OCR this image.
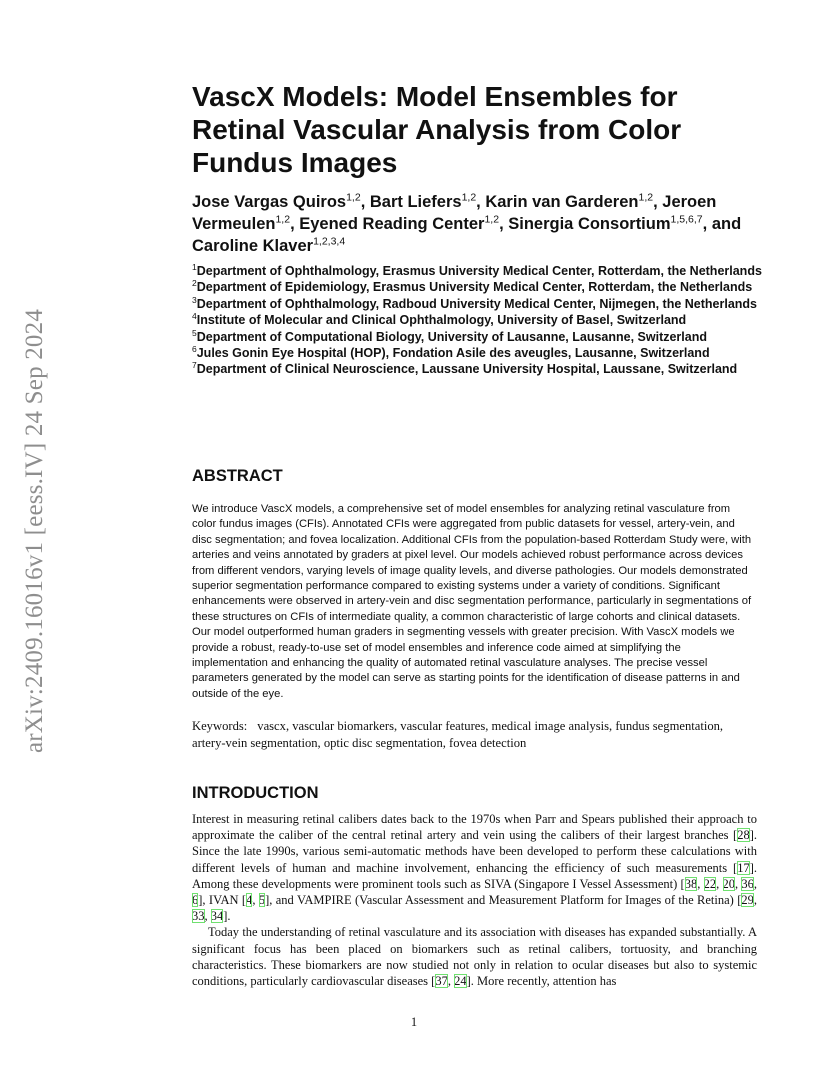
arXiv:2409.16016v1 [eess.IV] 24 Sep 2024
VascX Models: Model Ensembles for Retinal Vascular Analysis from Color Fundus Images
Jose Vargas Quiros$^{1,2}$, Bart Liefers$^{1,2}$, Karin van Garderen$^{1,2}$, Jeroen Vermeulen$^{1,2}$, Eyened Reading Center$^{1,2}$, Sinergia Consortium$^{1,5,6,7}$, and Caroline Klaver$^{1,2,3,4}$
$^1$Department of Ophthalmology, Erasmus University Medical Center, Rotterdam, the Netherlands
$^2$Department of Epidemiology, Erasmus University Medical Center, Rotterdam, the Netherlands
$^3$Department of Ophthalmology, Radboud University Medical Center, Nijmegen, the Netherlands
$^4$Institute of Molecular and Clinical Ophthalmology, University of Basel, Switzerland
$^5$Department of Computational Biology, University of Lausanne, Lausanne, Switzerland
$^6$Jules Gonin Eye Hospital (HOP), Fondation Asile des aveugles, Lausanne, Switzerland
$^7$Department of Clinical Neuroscience, Laussane University Hospital, Laussane, Switzerland
ABSTRACT
We introduce VascX models, a comprehensive set of model ensembles for analyzing retinal vasculature from color fundus images (CFIs). Annotated CFIs were aggregated from public datasets for vessel, artery-vein, and disc segmentation; and fovea localization. Additional CFIs from the population-based Rotterdam Study were, with arteries and veins annotated by graders at pixel level. Our models achieved robust performance across devices from different vendors, varying levels of image quality levels, and diverse pathologies. Our models demonstrated superior segmentation performance compared to existing systems under a variety of conditions. Significant enhancements were observed in artery-vein and disc segmentation performance, particularly in segmentations of these structures on CFIs of intermediate quality, a common characteristic of large cohorts and clinical datasets. Our model outperformed human graders in segmenting vessels with greater precision. With VascX models we provide a robust, ready-to-use set of model ensembles and inference code aimed at simplifying the implementation and enhancing the quality of automated retinal vasculature analyses. The precise vessel parameters generated by the model can serve as starting points for the identification of disease patterns in and outside of the eye.
Keywords: vascx, vascular biomarkers, vascular features, medical image analysis, fundus segmentation, artery-vein segmentation, optic disc segmentation, fovea detection
INTRODUCTION

Interest in measuring retinal calibers dates back to the 1970s when Parr and Spears published their approach to approximate the caliber of the central retinal artery and vein using the calibers of their largest branches [28]. Since the late 1990s, various semi-automatic methods have been developed to perform these calculations with different levels of human and machine involvement, enhancing the efficiency of such measurements [17]. Among these developments were prominent tools such as SIVA (Singapore I Vessel Assessment) [38, 22, 20, 36, 6], IVAN [4, 5], and VAMPIRE (Vascular Assessment and Measurement Platform for Images of the Retina) [29, 33, 34].

Today the understanding of retinal vasculature and its association with diseases has expanded substantially. A significant focus has been placed on biomarkers such as retinal calibers, tortuosity, and branching characteristics. These biomarkers are now studied not only in relation to ocular diseases but also to systemic conditions, particularly cardiovascular diseases [37, 24]. More recently, attention has

1
